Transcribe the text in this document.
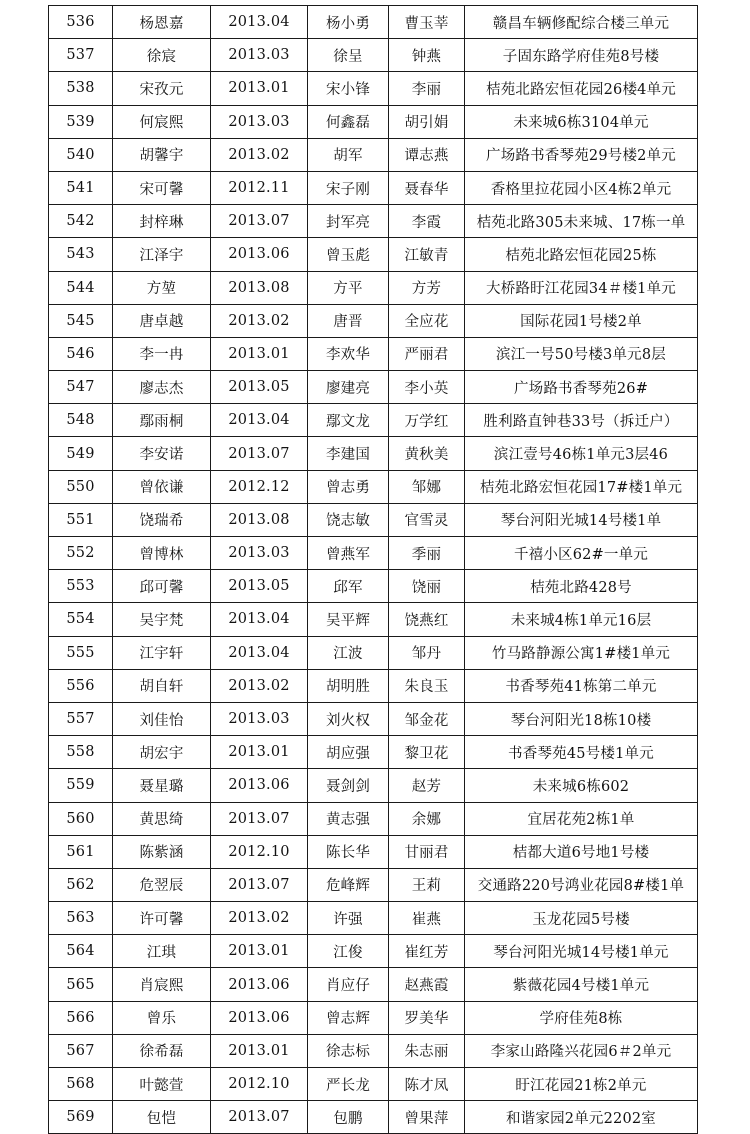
536	杨恩嘉	2013.04	杨小勇	曹玉莘	赣昌车辆修配综合楼三单元
537	徐宸	2013.03	徐呈	钟燕	子固东路学府佳苑8号楼
538	宋孜元	2013.01	宋小锋	李丽	桔苑北路宏恒花园26楼4单元
539	何宸熙	2013.03	何鑫磊	胡引娟	未来城6栋3104单元
540	胡馨宇	2013.02	胡军	谭志燕	广场路书香琴苑29号楼2单元
541	宋可馨	2012.11	宋子刚	聂春华	香格里拉花园小区4栋2单元
542	封梓琳	2013.07	封军亮	李霞	桔苑北路305未来城、17栋一单
543	江泽宇	2013.06	曾玉彪	江敏青	桔苑北路宏恒花园25栋
544	方堃	2013.08	方平	方芳	大桥路盱江花园34＃楼1单元
545	唐卓越	2013.02	唐晋	全应花	国际花园1号楼2单
546	李一冉	2013.01	李欢华	严丽君	滨江一号50号楼3单元8层
547	廖志杰	2013.05	廖建亮	李小英	广场路书香琴苑26#
548	鄢雨桐	2013.04	鄢文龙	万学红	胜利路直钟巷33号（拆迁户）
549	李安诺	2013.07	李建国	黄秋美	滨江壹号46栋1单元3层46
550	曾依谦	2012.12	曾志勇	邹娜	桔苑北路宏恒花园17#楼1单元
551	饶瑞希	2013.08	饶志敏	官雪灵	琴台河阳光城14号楼1单
552	曾博林	2013.03	曾燕军	季丽	千禧小区62#一单元
553	邱可馨	2013.05	邱军	饶丽	桔苑北路428号
554	吴宇梵	2013.04	吴平辉	饶燕红	未来城4栋1单元16层
555	江宇轩	2013.04	江波	邹丹	竹马路静源公寓1#楼1单元
556	胡自轩	2013.02	胡明胜	朱良玉	书香琴苑41栋第二单元
557	刘佳怡	2013.03	刘火权	邹金花	琴台河阳光18栋10楼
558	胡宏宇	2013.01	胡应强	黎卫花	书香琴苑45号楼1单元
559	聂星璐	2013.06	聂剑剑	赵芳	未来城6栋602
560	黄思绮	2013.07	黄志强	余娜	宜居花苑2栋1单
561	陈紫涵	2012.10	陈长华	甘丽君	桔都大道6号地1号楼
562	危翌辰	2013.07	危峰辉	王莉	交通路220号鸿业花园8#楼1单
563	许可馨	2013.02	许强	崔燕	玉龙花园5号楼
564	江琪	2013.01	江俊	崔红芳	琴台河阳光城14号楼1单元
565	肖宸熙	2013.06	肖应仔	赵燕霞	紫薇花园4号楼1单元
566	曾乐	2013.06	曾志辉	罗美华	学府佳苑8栋
567	徐希磊	2013.01	徐志标	朱志丽	李家山路隆兴花园6＃2单元
568	叶懿萱	2012.10	严长龙	陈才凤	盱江花园21栋2单元
569	包恺	2013.07	包鹏	曾果萍	和谐家园2单元2202室
